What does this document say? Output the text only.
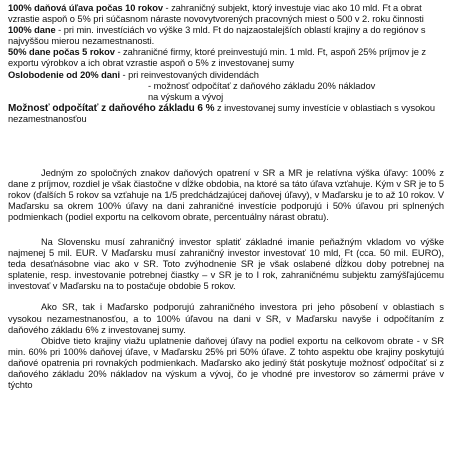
100% daňová úľava počas 10 rokov - zahraničný subjekt, ktorý investuje viac ako 10 mld. Ft a obrat vzrastie aspoň o 5% pri súčasnom náraste novovytvorených pracovných miest o 500 v 2. roku činnosti

100% dane - pri min. investíciách vo výške 3 mld. Ft do najzaostalejších oblastí krajiny a do regiónov s najvyššou mierou nezamestnanosti.

50% dane počas 5 rokov - zahraničné firmy, ktoré preinvestujú min. 1 mld. Ft, aspoň 25% príjmov je z exportu výrobkov a ich obrat vzrastie aspoň o 5% z investovanej sumy

Oslobodenie od 20% dani - pri reinvestovaných dividendách

- možnosť odpočítať z daňového základu 20% nákladov na výskum a vývoj

Možnosť odpočítať z daňového základu 6 % z investovanej sumy investície v oblastiach s vysokou nezamestnanosťou

Jedným zo spoločných znakov daňových opatrení v SR a MR je relatívna výška úľavy: 100% z dane z príjmov, rozdiel je však čiastočne v dĺžke obdobia, na ktoré sa táto úľava vzťahuje. Kým v SR je to 5 rokov (ďalších 5 rokov sa vzťahuje na 1/5 predchádzajúcej daňovej úľavy), v Maďarsku je to až 10 rokov. V Maďarsku sa okrem 100% úľavy na dani zahraničné investície podporujú i 50% úľavou pri splnených podmienkach (podiel exportu na celkovom obrate, percentuálny nárast obratu).

Na Slovensku musí zahraničný investor splatiť základné imanie peňažným vkladom vo výške najmenej 5 mil. EUR. V Maďarsku musí zahraničný investor investovať 10 mld, Ft (cca. 50 mil. EURO), teda desaťnásobne viac ako v SR. Toto zvýhodnenie SR je však oslabené dĺžkou doby potrebnej na splatenie, resp. investovanie potrebnej čiastky – v SR je to I rok, zahraničnému subjektu zamýšľajúcemu investovať v Maďarsku na to postačuje obdobie 5 rokov.

Ako SR, tak i Maďarsko podporujú zahraničného investora pri jeho pôsobení v oblastiach s vysokou nezamestnanosťou, a to 100% úľavou na dani v SR, v Maďarsku navyše i odpočítaním z daňového základu 6% z investovanej sumy.

Obidve tieto krajiny viažu uplatnenie daňovej úľavy na podiel exportu na celkovom obrate - v SR min. 60% pri 100% daňovej úľave, v Maďarsku 25% pri 50% úľave. Z tohto aspektu obe krajiny poskytujú daňové opatrenia pri rovnakých podmienkach. Maďarsko ako jediný štát poskytuje možnosť odpočítať si z daňového základu 20% nákladov na výskum a vývoj, čo je vhodné pre investorov so zámermi práve v týchto
